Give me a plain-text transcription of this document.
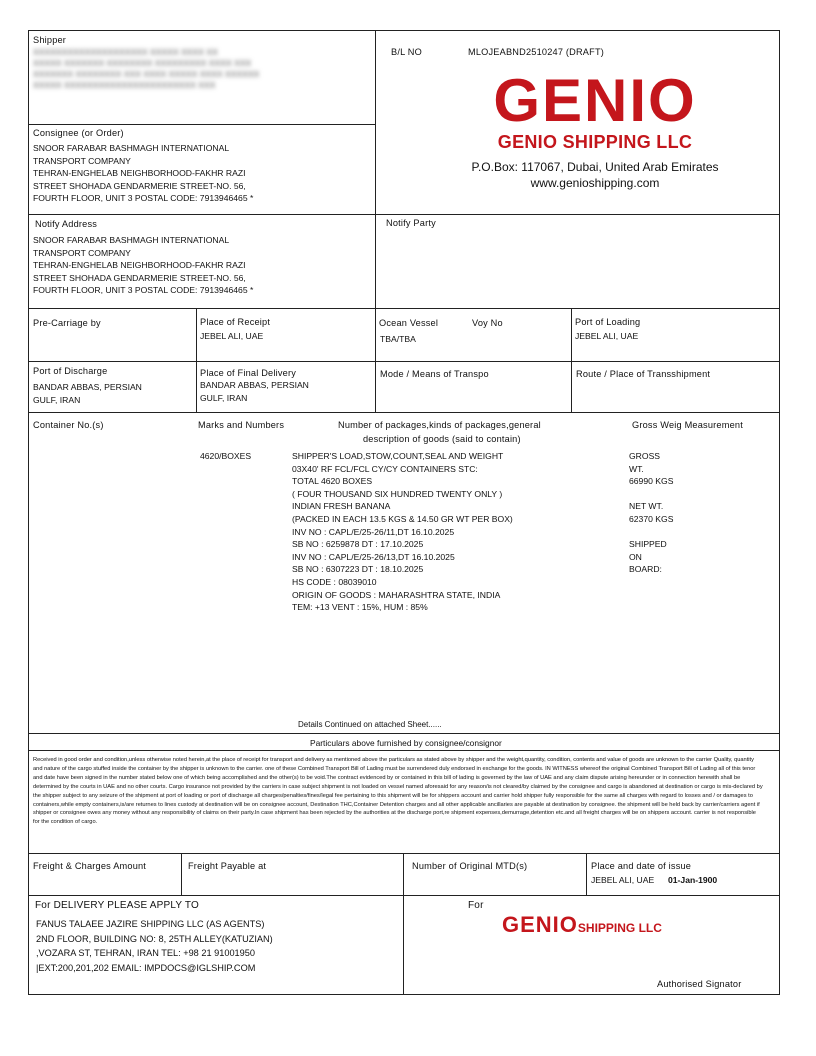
Shipper
XXXXXXXXXXXXXXXXXXXX XXXXX XXXX XX
XXXXX XXXXXXX XXXXXXXX XXXXXXXXX XXXX XXX
XXXXXXX XXXXXXXX XXX XXXX XXXXX XXXX XXXXXX
XXXXX XXXXXXXXXXXXXXXXXXXXXXX XXX
B/L NO	MLOJEABND2510247 (DRAFT)
GENIO
GENIO SHIPPING LLC
P.O.Box: 117067, Dubai, United Arab Emirates
www.genioshipping.com
Consignee (or Order)
SNOOR FARABAR BASHMAGH INTERNATIONAL
TRANSPORT COMPANY
TEHRAN-ENGHELAB NEIGHBORHOOD-FAKHR RAZI
STREET SHOHADA GENDARMERIE STREET-NO. 56,
FOURTH FLOOR, UNIT 3 POSTAL CODE: 7913946465 *
Notify Address
SNOOR FARABAR BASHMAGH INTERNATIONAL
TRANSPORT COMPANY
TEHRAN-ENGHELAB NEIGHBORHOOD-FAKHR RAZI
STREET SHOHADA GENDARMERIE STREET-NO. 56,
FOURTH FLOOR, UNIT 3 POSTAL CODE: 7913946465 *
Notify Party
Pre-Carriage by	Place of Receipt
JEBEL ALI, UAE
Ocean Vessel	Voy No
TBA/TBA
Port of Loading
JEBEL ALI, UAE
Port of Discharge
BANDAR ABBAS, PERSIAN
GULF, IRAN
Place of Final Delivery
BANDAR ABBAS, PERSIAN
GULF, IRAN
Mode / Means of Transpo	Route / Place of Transshipment
Container No.(s)	Marks and Numbers	Number of packages,kinds of packages,general
description of goods (said to contain)
Gross Weig Measurement
4620/BOXES	SHIPPER'S LOAD,STOW,COUNT,SEAL AND WEIGHT
03X40' RF FCL/FCL CY/CY CONTAINERS STC:
TOTAL 4620 BOXES
( FOUR THOUSAND SIX HUNDRED TWENTY ONLY )
INDIAN FRESH BANANA
(PACKED IN EACH 13.5 KGS & 14.50 GR WT PER BOX)
INV NO : CAPL/E/25-26/11,DT 16.10.2025
SB NO : 6259878 DT : 17.10.2025
INV NO : CAPL/E/25-26/13,DT 16.10.2025
SB NO : 6307223 DT : 18.10.2025
HS CODE : 08039010
ORIGIN OF GOODS : MAHARASHTRA STATE, INDIA
TEM: +13 VENT : 15%, HUM : 85%
GROSS
WT.
66990 KGS
NET WT.
62370 KGS
SHIPPED
ON
BOARD:
Details Continued on attached Sheet......
Particulars above furnished by consignee/consignor
Received in good order and condition,unless otherwise noted herein,at the place of receipt for transport and delivery as mentioned above the particulars as stated above by shipper and the weight,quantity, condition, contents and value of goods are unknown to the carrier Quality, quantity and nature of the cargo stuffed inside the container by the shipper is unknown to the carrier. one of these Combined Transport Bill of Lading must be surrendered duly endorsed in exchange for the goods. IN WITNESS whereof the original Combined Transport Bill of Lading all of this tenor and date have been signed in the number stated below one of which being accomplished and the other(s) to be void.The contract evidenced by or contained in this bill of lading is governed by the law of UAE and any claim dispute arising hereunder or in connection herewith shall be determined by the courts in UAE and no other courts. Cargo insurance not provided by the carriers in case subject shipment is not loaded on vessel named aforesaid for any reason/is not cleared/by claimed by the consignee and cargo is abandoned at destination or cargo is mis-declared by the shipper subject to any seizure of the shipment at port of loading or port of discharge all charges/penalties/fines/legal fee pertaining to this shipment will be for shippers account and carrier hold shipper fully responsible for the same all charges with regard to losses and / or damages to containers,while empty containers,is/are returnes to lines custody at destination will be on consignee account, Destination THC,Container Detention charges and all other applicable ancillaries are payable at destination by consignee. the shipment will be held back by carrier/carriers agent if shipper or consignee owes any money without any responsibility of claims on their party.In case shipment has been rejected by the authorities at the discharge port,re shipment expenses,demurrage,detention etc.and all freight charges will be on shippers account. carrier is not responsible for the condition of cargo.
Freight & Charges Amount	Freight Payable at	Number of Original MTD(s)	Place and date of issue
JEBEL ALI, UAE 01-Jan-1900
For DELIVERY PLEASE APPLY TO
FANUS TALAEE JAZIRE SHIPPING LLC (AS AGENTS)
2ND FLOOR, BUILDING NO: 8, 25TH ALLEY(KATUZIAN)
,VOZARA ST, TEHRAN, IRAN TEL: +98 21 91001950
|EXT:200,201,202 EMAIL: IMPDOCS@IGLSHIP.COM
For
GENIOSHIPPING LLC
Authorised Signator
